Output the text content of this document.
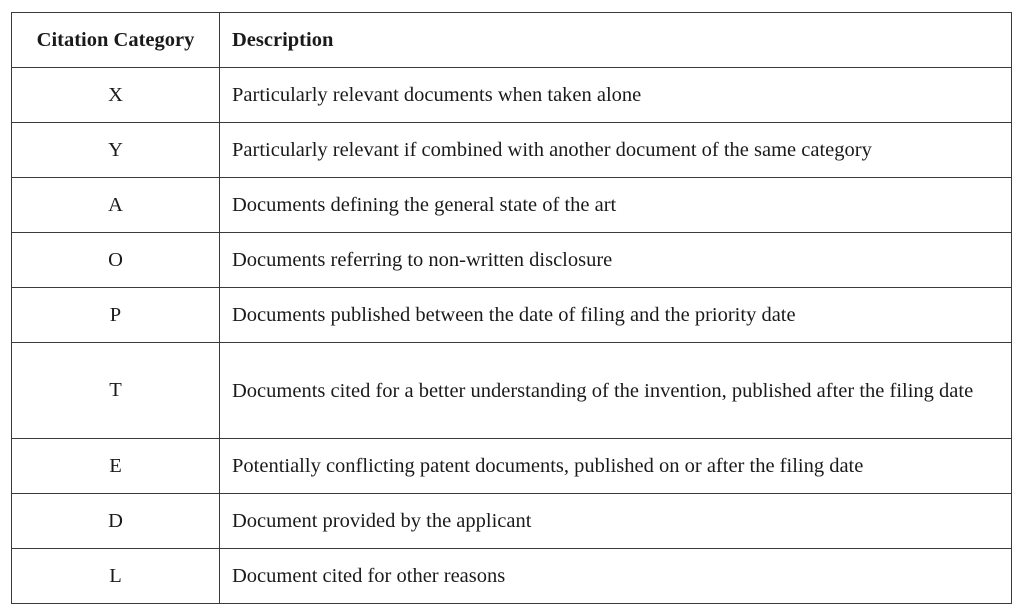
Citation Category	Description
X	Particularly relevant documents when taken alone
Y	Particularly relevant if combined with another document of the same category
A	Documents defining the general state of the art
O	Documents referring to non-written disclosure
P	Documents published between the date of filing and the priority date
T	Documents cited for a better understanding of the invention, published after the filing date
E	Potentially conflicting patent documents, published on or after the filing date
D	Document provided by the applicant
L	Document cited for other reasons
